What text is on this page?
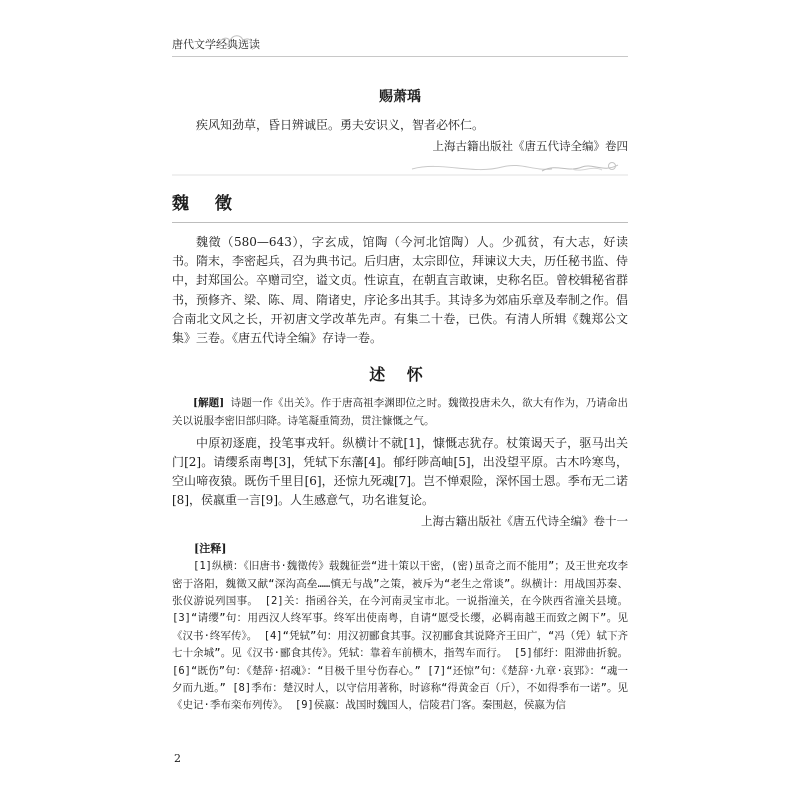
唐代文学经典选读
赐萧瑀

疾风知劲草，昏日辨诚臣。勇夫安识义，智者必怀仁。

上海古籍出版社《唐五代诗全编》卷四
魏 徵

魏徵（580—643），字玄成，馆陶（今河北馆陶）人。少孤贫，有大志，好读书。隋末，李密起兵，召为典书记。后归唐，太宗即位，拜谏议大夫，历任秘书监、侍中，封郑国公。卒赠司空，谥文贞。性谅直，在朝直言敢谏，史称名臣。曾校辑秘省群书，预修齐、梁、陈、周、隋诸史，序论多出其手。其诗多为郊庙乐章及奉制之作。倡合南北文风之长，开初唐文学改革先声。有集二十卷，已佚。有清人所辑《魏郑公文集》三卷。《唐五代诗全编》存诗一卷。

述 怀

[解题] 诗题一作《出关》。作于唐高祖李渊即位之时。魏徵投唐未久，欲大有作为，乃请命出关以说服李密旧部归降。诗笔凝重简劲，贯注慷慨之气。

中原初逐鹿，投笔事戎轩。纵横计不就[1]，慷慨志犹存。杖策谒天子，驱马出关门[2]。请缨系南粤[3]，凭轼下东藩[4]。郁纡陟高岫[5]，出没望平原。古木吟寒鸟，空山啼夜猿。既伤千里目[6]，还惊九死魂[7]。岂不惮艰险，深怀国士恩。季布无二诺[8]，侯嬴重一言[9]。人生感意气，功名谁复论。

上海古籍出版社《唐五代诗全编》卷十一
[注释]

[1]纵横：《旧唐书·魏徵传》载魏征尝“进十策以干密，(密)虽奇之而不能用”；及王世充攻李密于洛阳，魏徵又献“深沟高垒……慎无与战”之策，被斥为“老生之常谈”。纵横计：用战国苏秦、张仪游说列国事。 [2]关：指函谷关，在今河南灵宝市北。一说指潼关，在今陕西省潼关县境。 [3]“请缨”句：用西汉人终军事。终军出使南粤，自请“愿受长缨，必羁南越王而致之阙下”。见《汉书·终军传》。 [4]“凭轼”句：用汉初郦食其事。汉初郦食其说降齐王田广，“冯（凭）轼下齐七十余城”。见《汉书·郦食其传》。凭轼：靠着车前横木，指驾车而行。 [5]郁纡：阻滞曲折貌。 [6]“既伤”句：《楚辞·招魂》：“目极千里兮伤春心。” [7]“还惊”句：《楚辞·九章·哀郢》：“魂一夕而九逝。” [8]季布：楚汉时人，以守信用著称，时谚称“得黄金百（斤），不如得季布一诺”。见《史记·季布栾布列传》。 [9]侯嬴：战国时魏国人，信陵君门客。秦围赵，侯嬴为信

2
